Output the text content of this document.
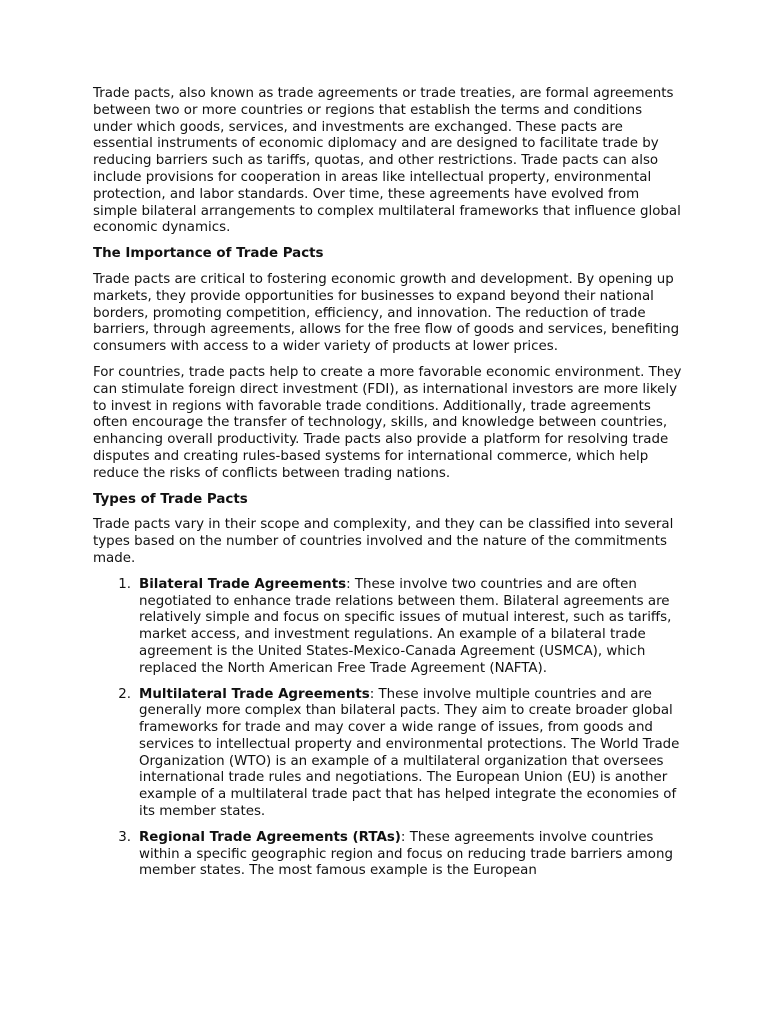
Trade pacts, also known as trade agreements or trade treaties, are formal agreements between two or more countries or regions that establish the terms and conditions under which goods, services, and investments are exchanged. These pacts are essential instruments of economic diplomacy and are designed to facilitate trade by reducing barriers such as tariffs, quotas, and other restrictions. Trade pacts can also include provisions for cooperation in areas like intellectual property, environmental protection, and labor standards. Over time, these agreements have evolved from simple bilateral arrangements to complex multilateral frameworks that influence global economic dynamics.

The Importance of Trade Pacts

Trade pacts are critical to fostering economic growth and development. By opening up markets, they provide opportunities for businesses to expand beyond their national borders, promoting competition, efficiency, and innovation. The reduction of trade barriers, through agreements, allows for the free flow of goods and services, benefiting consumers with access to a wider variety of products at lower prices.

For countries, trade pacts help to create a more favorable economic environment. They can stimulate foreign direct investment (FDI), as international investors are more likely to invest in regions with favorable trade conditions. Additionally, trade agreements often encourage the transfer of technology, skills, and knowledge between countries, enhancing overall productivity. Trade pacts also provide a platform for resolving trade disputes and creating rules-based systems for international commerce, which help reduce the risks of conflicts between trading nations.

Types of Trade Pacts

Trade pacts vary in their scope and complexity, and they can be classified into several types based on the number of countries involved and the nature of the commitments made.

1. Bilateral Trade Agreements: These involve two countries and are often negotiated to enhance trade relations between them. Bilateral agreements are relatively simple and focus on specific issues of mutual interest, such as tariffs, market access, and investment regulations. An example of a bilateral trade agreement is the United States-Mexico-Canada Agreement (USMCA), which replaced the North American Free Trade Agreement (NAFTA).
2. Multilateral Trade Agreements: These involve multiple countries and are generally more complex than bilateral pacts. They aim to create broader global frameworks for trade and may cover a wide range of issues, from goods and services to intellectual property and environmental protections. The World Trade Organization (WTO) is an example of a multilateral organization that oversees international trade rules and negotiations. The European Union (EU) is another example of a multilateral trade pact that has helped integrate the economies of its member states.
3. Regional Trade Agreements (RTAs): These agreements involve countries within a specific geographic region and focus on reducing trade barriers among member states. The most famous example is the European
